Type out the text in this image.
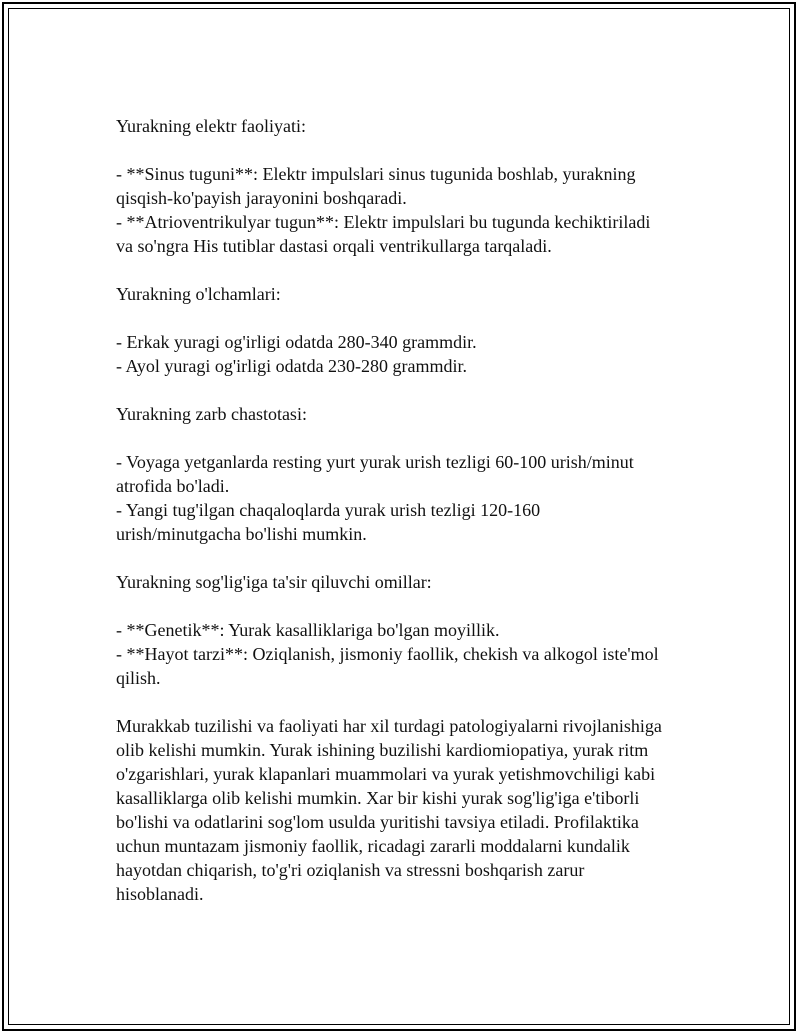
Yurakning elektr faoliyati:
- **Sinus tuguni**: Elektr impulslari sinus tugunida boshlab, yurakning
qisqish-ko'payish jarayonini boshqaradi.
- **Atrioventrikulyar tugun**: Elektr impulslari bu tugunda kechiktiriladi
va so'ngra His tutiblar dastasi orqali ventrikullarga tarqaladi.
Yurakning o'lchamlari:
- Erkak yuragi og'irligi odatda 280-340 grammdir.
- Ayol yuragi og'irligi odatda 230-280 grammdir.
Yurakning zarb chastotasi:
- Voyaga yetganlarda resting yurt yurak urish tezligi 60-100 urish/minut
atrofida bo'ladi.
- Yangi tug'ilgan chaqaloqlarda yurak urish tezligi 120-160
urish/minutgacha bo'lishi mumkin.
Yurakning sog'lig'iga ta'sir qiluvchi omillar:
- **Genetik**: Yurak kasalliklariga bo'lgan moyillik.
- **Hayot tarzi**: Oziqlanish, jismoniy faollik, chekish va alkogol iste'mol
qilish.
Murakkab tuzilishi va faoliyati har xil turdagi patologiyalarni rivojlanishiga
olib kelishi mumkin. Yurak ishining buzilishi kardiomiopatiya, yurak ritm
o'zgarishlari, yurak klapanlari muammolari va yurak yetishmovchiligi kabi
kasalliklarga olib kelishi mumkin. Xar bir kishi yurak sog'lig'iga e'tiborli
bo'lishi va odatlarini sog'lom usulda yuritishi tavsiya etiladi. Profilaktika
uchun muntazam jismoniy faollik, ricadagi zararli moddalarni kundalik
hayotdan chiqarish, to'g'ri oziqlanish va stressni boshqarish zarur
hisoblanadi.
